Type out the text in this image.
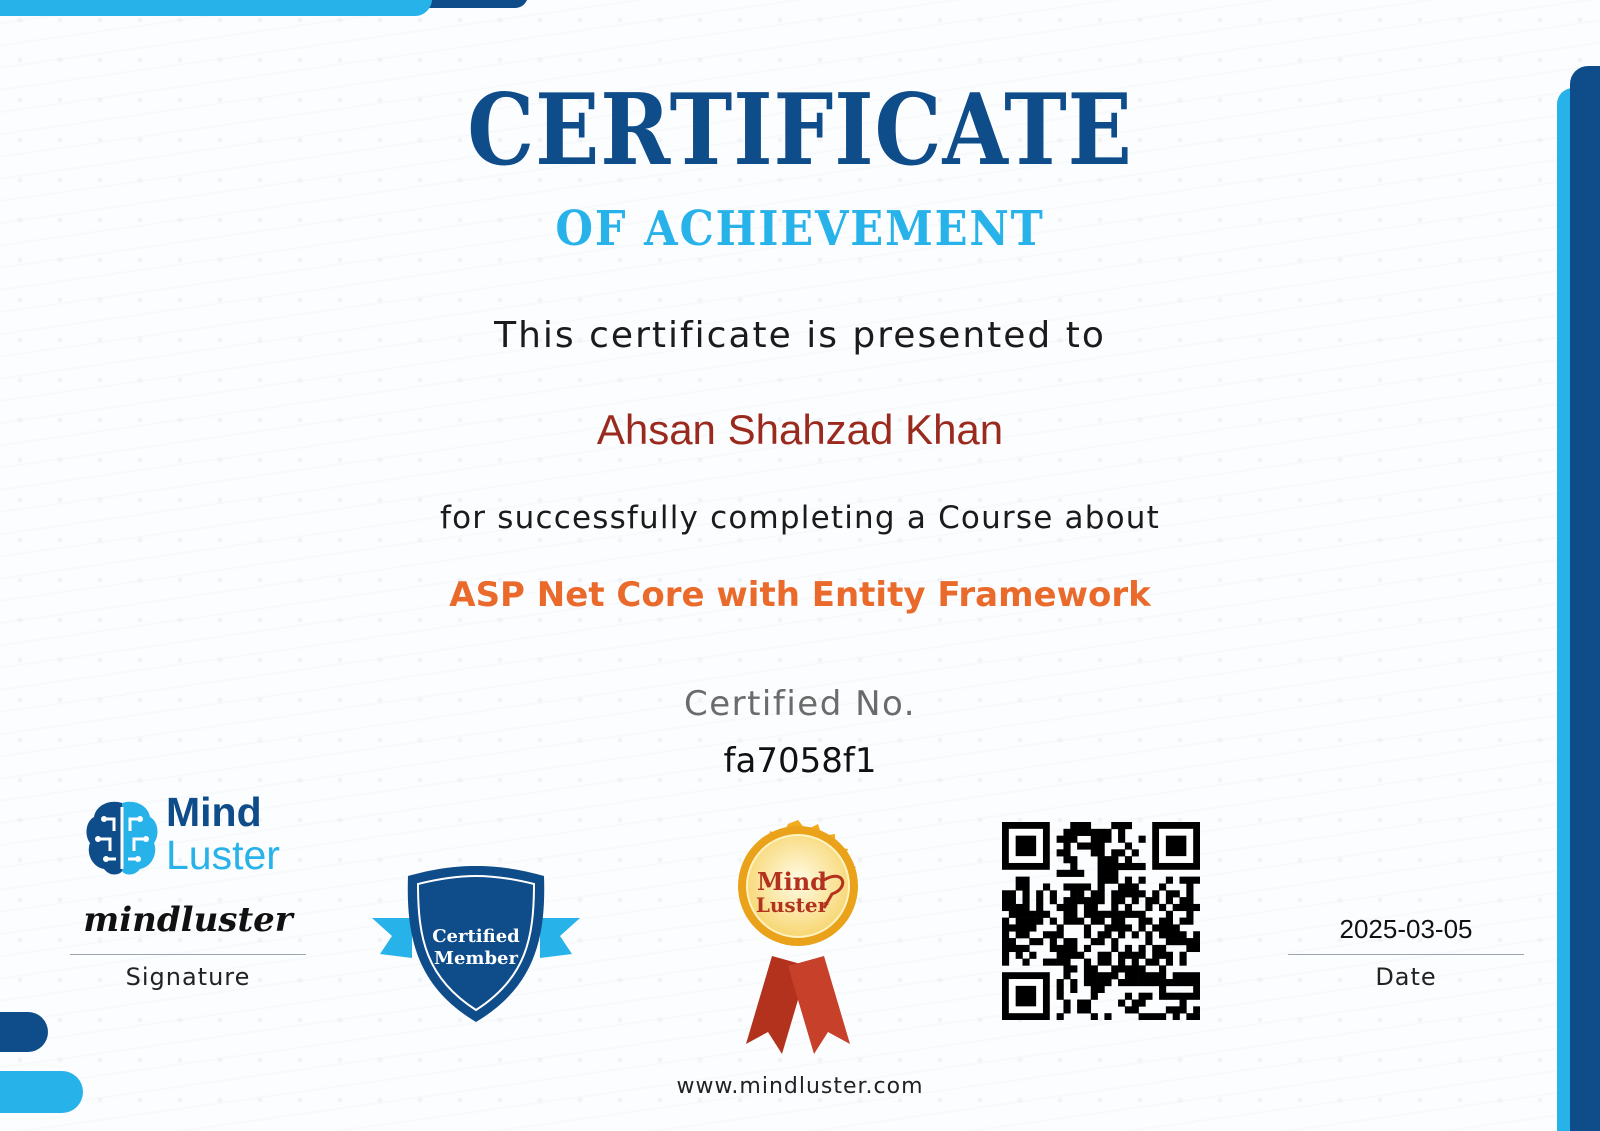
CERTIFICATE
OF ACHIEVEMENT
This certificate is presented to
Ahsan Shahzad Khan
for successfully completing a Course about
ASP Net Core with Entity Framework
Certified No.
fa7058f1
Mind
Luster
mindluster
Signature
Certified
Member
Mind
Luster
2025-03-05
Date
www.mindluster.com
